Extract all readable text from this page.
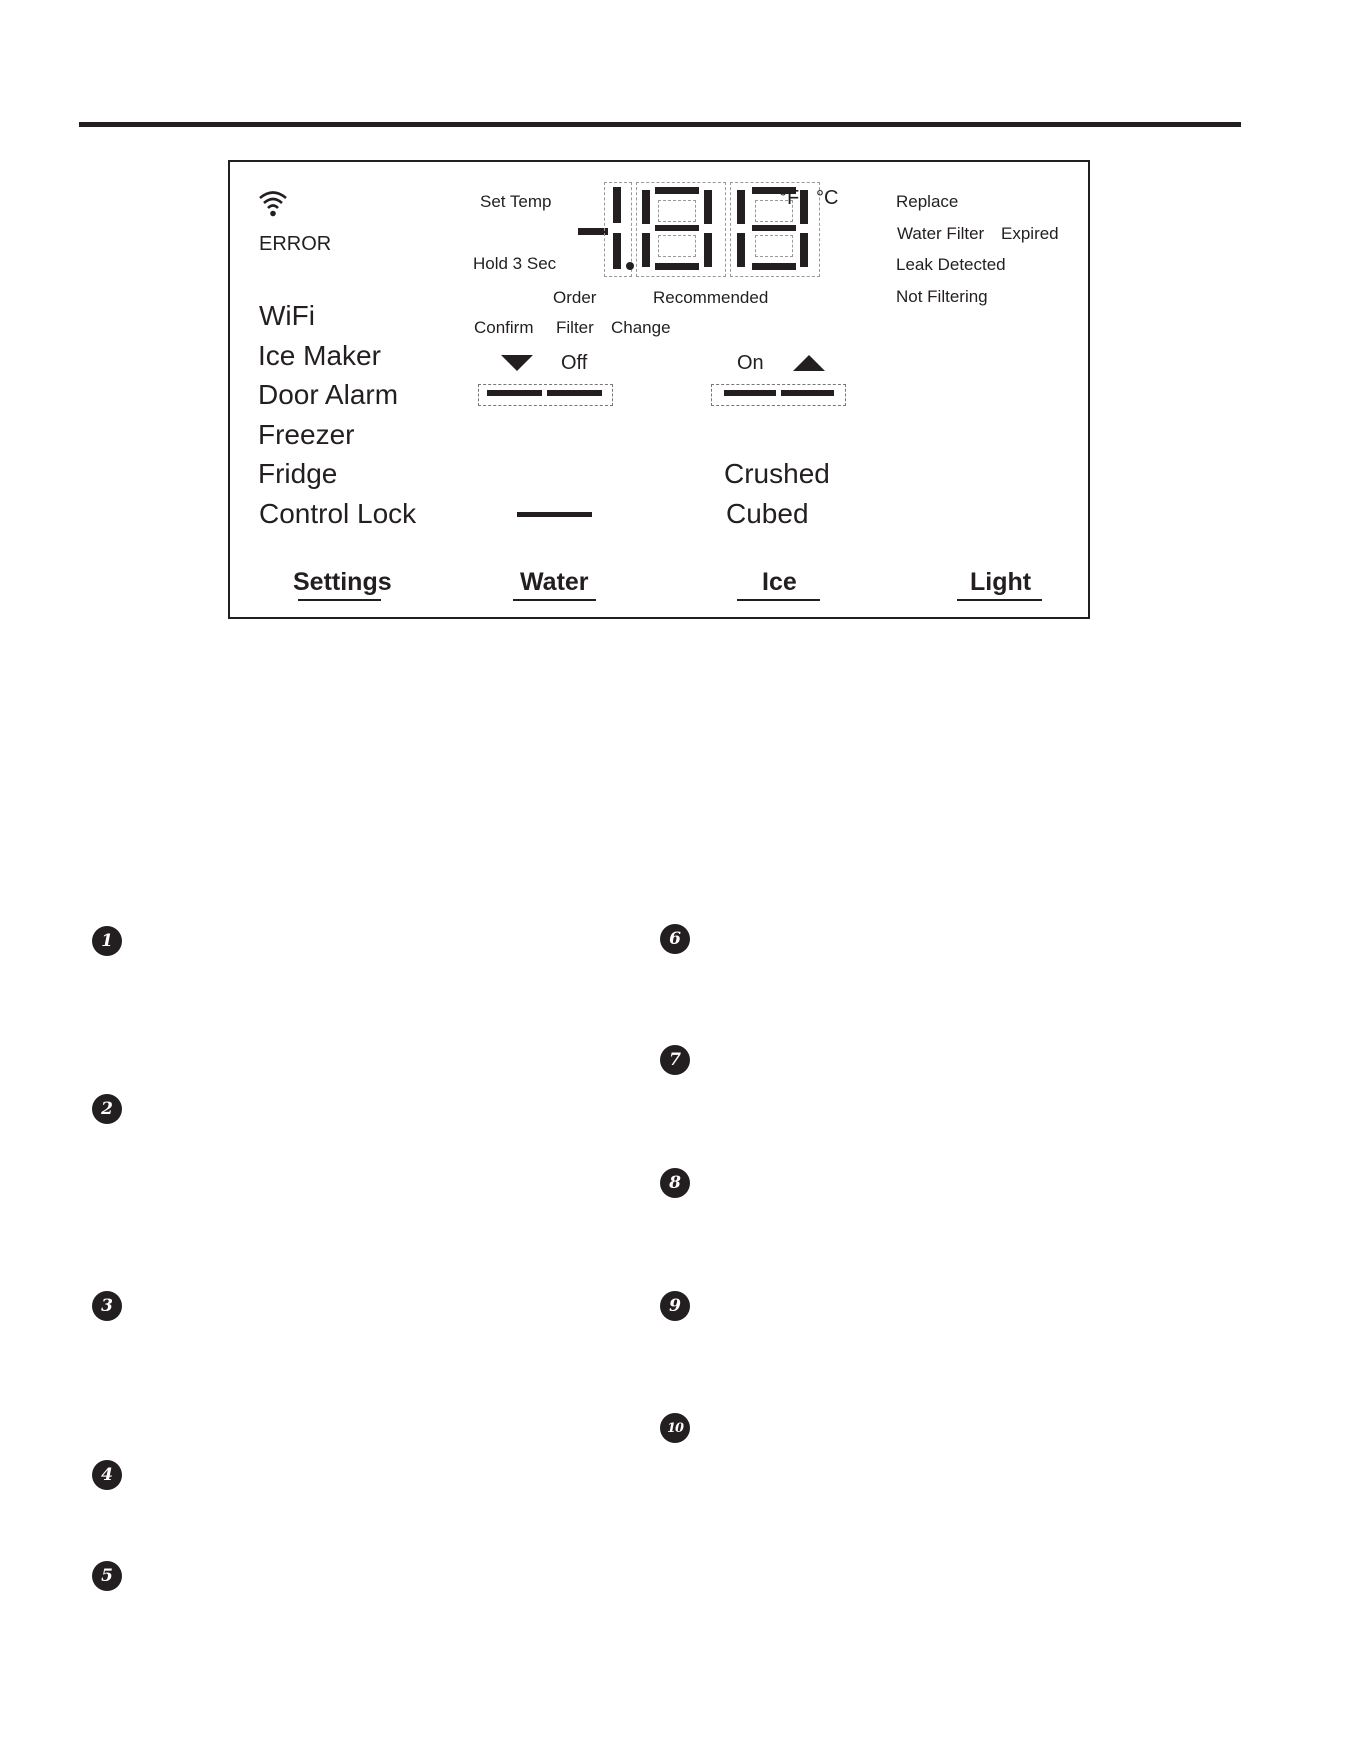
ERROR
WiFi
Ice Maker
Door Alarm
Freezer
Fridge
Control Lock
Set Temp
Hold 3 Sec
°F °C
Order	Recommended
Confirm Filter Change
Off	On
Replace
Water Filter Expired
Leak Detected
Not Filtering
Crushed
Cubed
Settings	Water	Ice	Light
1
2
3
4
5
6
7
8
9
10
